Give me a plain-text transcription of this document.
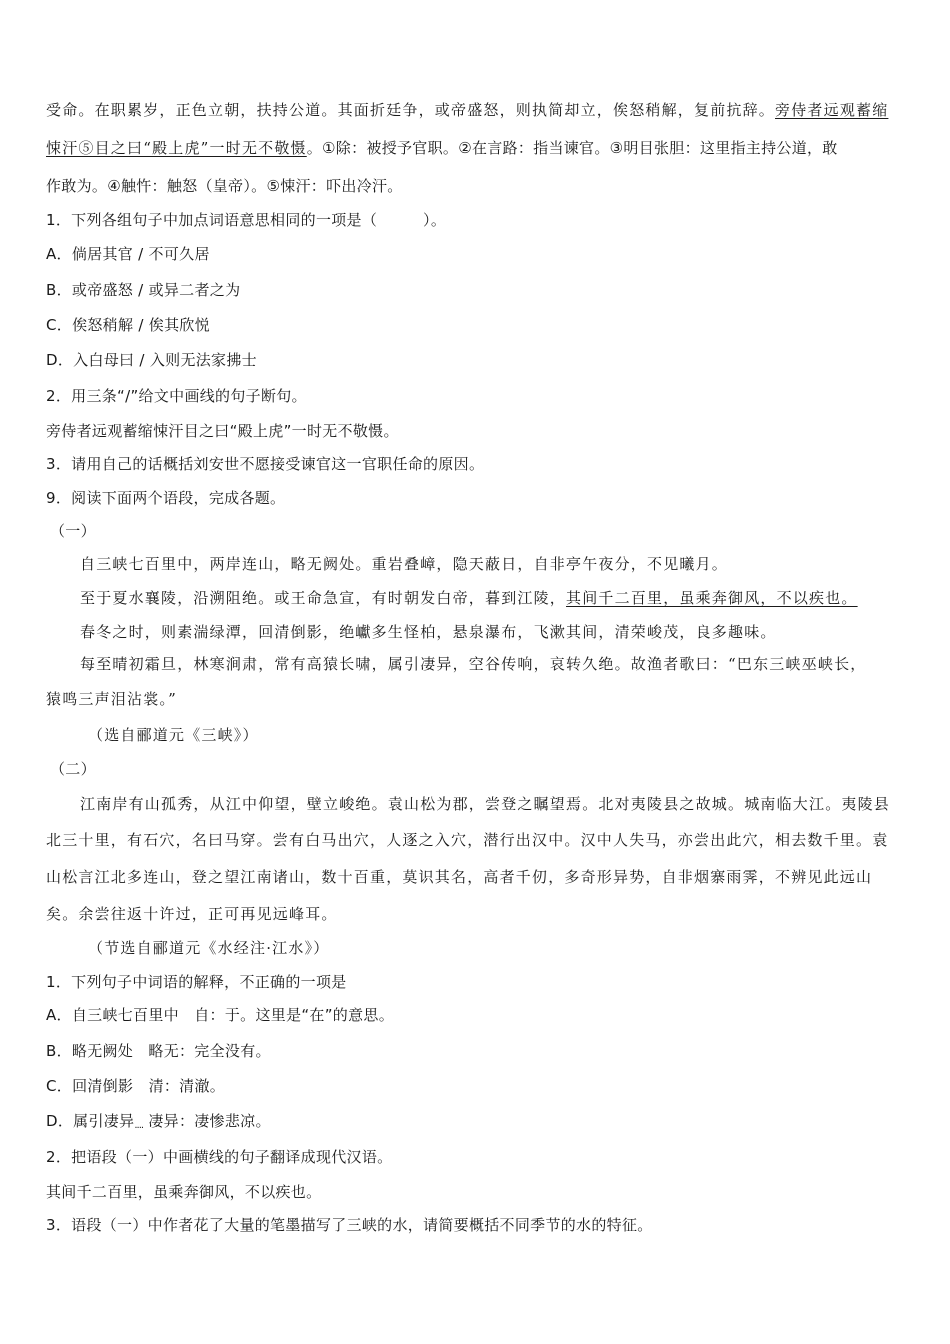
受命。在职累岁，正色立朝，扶持公道。其面折廷争，或帝盛怒，则执简却立，俟怒稍解，复前抗辞。旁侍者远观蓄缩
悚汗⑤目之曰“殿上虎”一时无不敬慑。①除：被授予官职。②在言路：指当谏官。③明目张胆：这里指主持公道，敢
作敢为。④触忤：触怒（皇帝）。⑤悚汗：吓出冷汗。
1．下列各组句子中加点词语意思相同的一项是（　　　）。
A．倘居其官 / 不可久居
B．或帝盛怒 / 或异二者之为
C．俟怒稍解 / 俟其欣悦
D．入白母曰 / 入则无法家拂士
2．用三条“/”给文中画线的句子断句。
旁侍者远观蓄缩悚汗目之曰“殿上虎”一时无不敬慑。
3．请用自己的话概括刘安世不愿接受谏官这一官职任命的原因。
9．阅读下面两个语段，完成各题。
（一）
自三峡七百里中，两岸连山，略无阙处。重岩叠嶂，隐天蔽日，自非亭午夜分，不见曦月。
至于夏水襄陵，沿溯阻绝。或王命急宣，有时朝发白帝，暮到江陵，其间千二百里，虽乘奔御风，不以疾也。
春冬之时，则素湍绿潭，回清倒影，绝巘多生怪柏，悬泉瀑布，飞漱其间，清荣峻茂，良多趣味。
每至晴初霜旦，林寒涧肃，常有高猿长啸，属引凄异，空谷传响，哀转久绝。故渔者歌曰：“巴东三峡巫峡长，
猿鸣三声泪沾裳。”
（选自郦道元《三峡》）
（二）
江南岸有山孤秀，从江中仰望，壁立峻绝。袁山松为郡，尝登之瞩望焉。北对夷陵县之故城。城南临大江。夷陵县
北三十里，有石穴，名曰马穿。尝有白马出穴，人逐之入穴，潜行出汉中。汉中人失马，亦尝出此穴，相去数千里。袁
山松言江北多连山，登之望江南诸山，数十百重，莫识其名，高者千仞，多奇形异势，自非烟寨雨霁，不辨见此远山
矣。余尝往返十许过，正可再见远峰耳。
（节选自郦道元《水经注·江水》）
1．下列句子中词语的解释，不正确的一项是
A．自三峡七百里中　自：于。这里是“在”的意思。
B．略无阙处　略无：完全没有。
C．回清倒影　清：清澈。
D．属引凄异 .... 凄异：凄惨悲凉。
2．把语段（一）中画横线的句子翻译成现代汉语。
其间千二百里，虽乘奔御风，不以疾也。
3．语段（一）中作者花了大量的笔墨描写了三峡的水，请简要概括不同季节的水的特征。
